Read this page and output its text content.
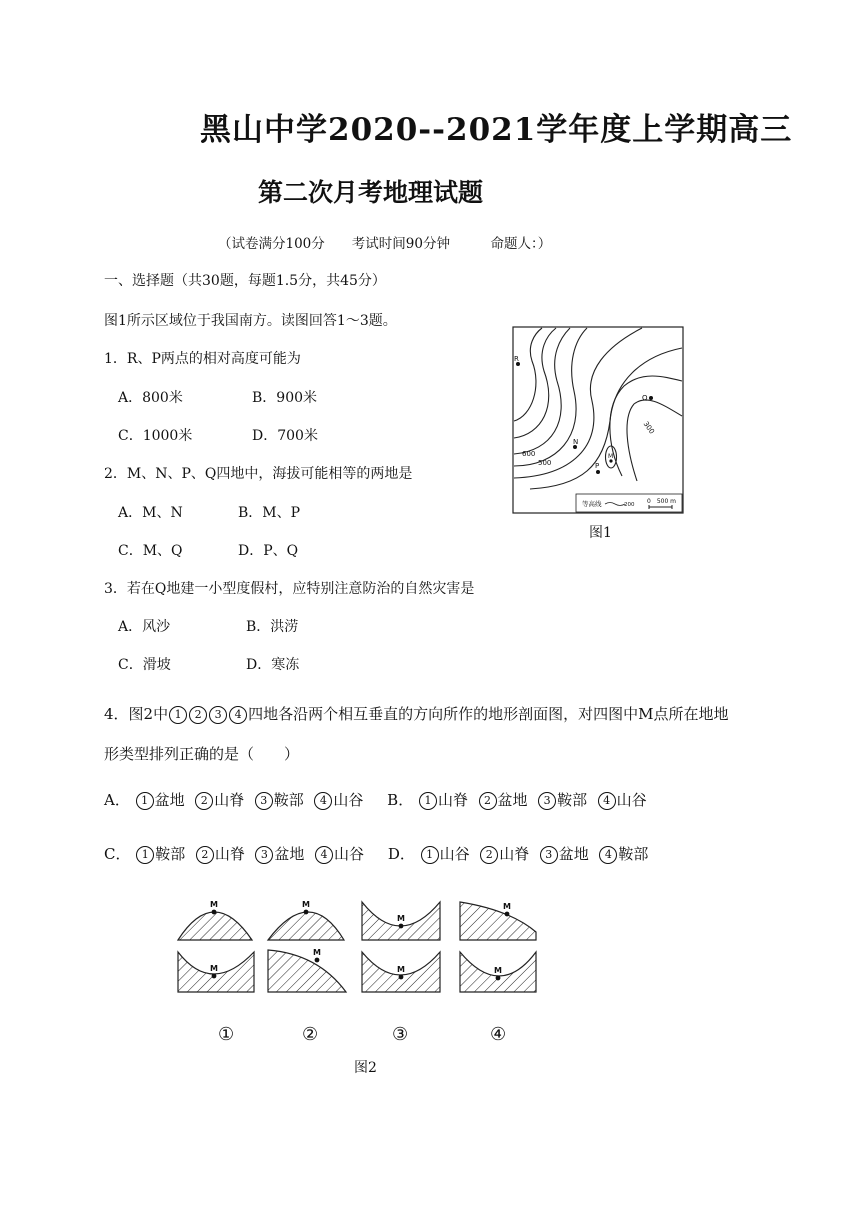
黑山中学2020--2021学年度上学期高三
第二次月考地理试题
（试卷满分100分　　考试时间90分钟　　　命题人：）
一、选择题（共30题，每题1.5分，共45分）
图1所示区域位于我国南方。读图回答1～3题。
1．R、P两点的相对高度可能为
A．800米	B．900米
C．1000米	D．700米
2．M、N、P、Q四地中，海拔可能相等的两地是
A．M、N	B．M、P
C．M、Q	D．P、Q
3．若在Q地建一小型度假村，应特别注意防治的自然灾害是
A．风沙	B．洪涝
C．滑坡	D．寒冻
R
Q
N
P
M
600
500
300
等高线	200 0　500 m
图1
4．图2中 1 2 3 4 四地各沿两个相互垂直的方向所作的地形剖面图，对四图中M点所在地地
形类型排列正确的是（　　）
A． 1 盆地 2 山脊 3 鞍部 4 山谷 B． 1 山脊 2 盆地 3 鞍部 4 山谷
C． 1 鞍部 2 山脊 3 盆地 4 山谷 D． 1 山谷 2 山脊 3 盆地 4 鞍部
M	M
M
M
M
M
M	M
①	②	③	④
图2
